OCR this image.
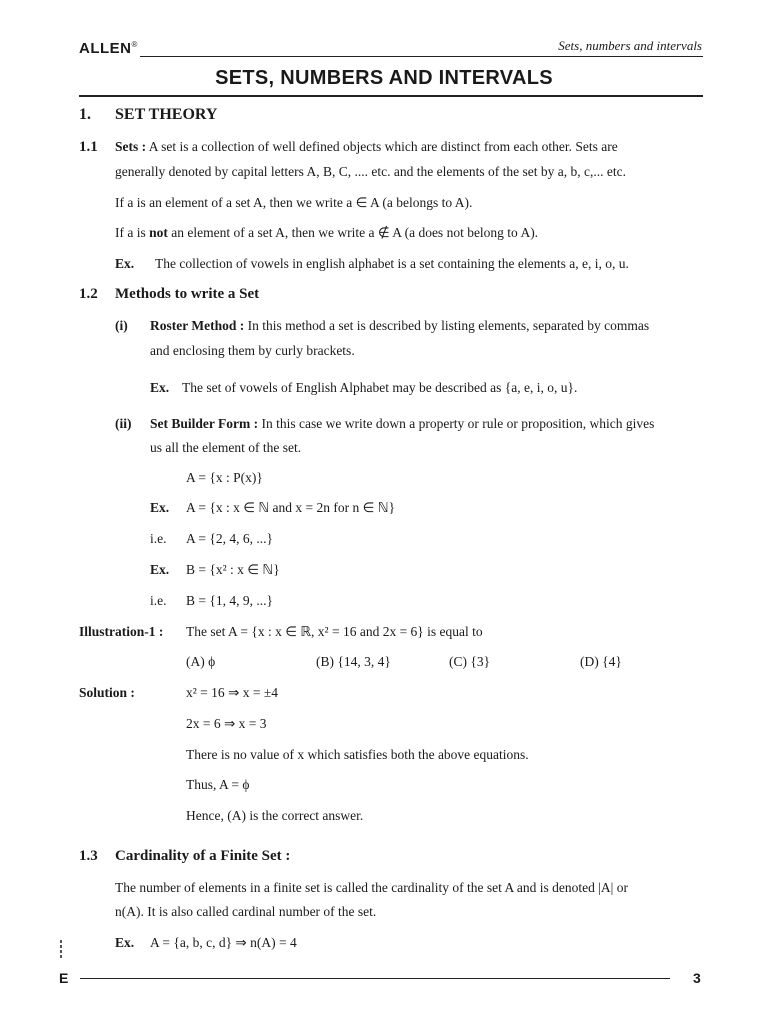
ALLEN®	Sets, numbers and intervals
SETS, NUMBERS AND INTERVALS
1. SET THEORY
1.1 Sets : A set is a collection of well defined objects which are distinct from each other. Sets are
generally denoted by capital letters A, B, C, .... etc. and the elements of the set by a, b, c,... etc.
If a is an element of a set A, then we write a ∈ A (a belongs to A).
If a is not an element of a set A, then we write a ∉ A (a does not belong to A).
Ex. The collection of vowels in english alphabet is a set containing the elements a, e, i, o, u.
1.2 Methods to write a Set
(i) Roster Method : In this method a set is described by listing elements, separated by commas
and enclosing them by curly brackets.
Ex. The set of vowels of English Alphabet may be described as {a, e, i, o, u}.
(ii) Set Builder Form : In this case we write down a property or rule or proposition, which gives
us all the element of the set.
A = {x : P(x)}
Ex. A = {x : x ∈ ℕ and x = 2n for n ∈ ℕ}
i.e. A = {2, 4, 6, ...}
Ex. B = {x² : x ∈ ℕ}
i.e. B = {1, 4, 9, ...}
Illustration-1 : The set A = {x : x ∈ ℝ, x² = 16 and 2x = 6} is equal to
(A) ϕ	(B) {14, 3, 4}	(C) {3}	(D) {4}
Solution :	x² = 16 ⇒ x = ±4
2x = 6 ⇒ x = 3
There is no value of x which satisfies both the above equations.
Thus, A = ϕ
Hence, (A) is the correct answer.
1.3 Cardinality of a Finite Set :
The number of elements in a finite set is called the cardinality of the set A and is denoted |A| or
n(A). It is also called cardinal number of the set.
Ex. A = {a, b, c, d} ⇒ n(A) = 4
E	3
